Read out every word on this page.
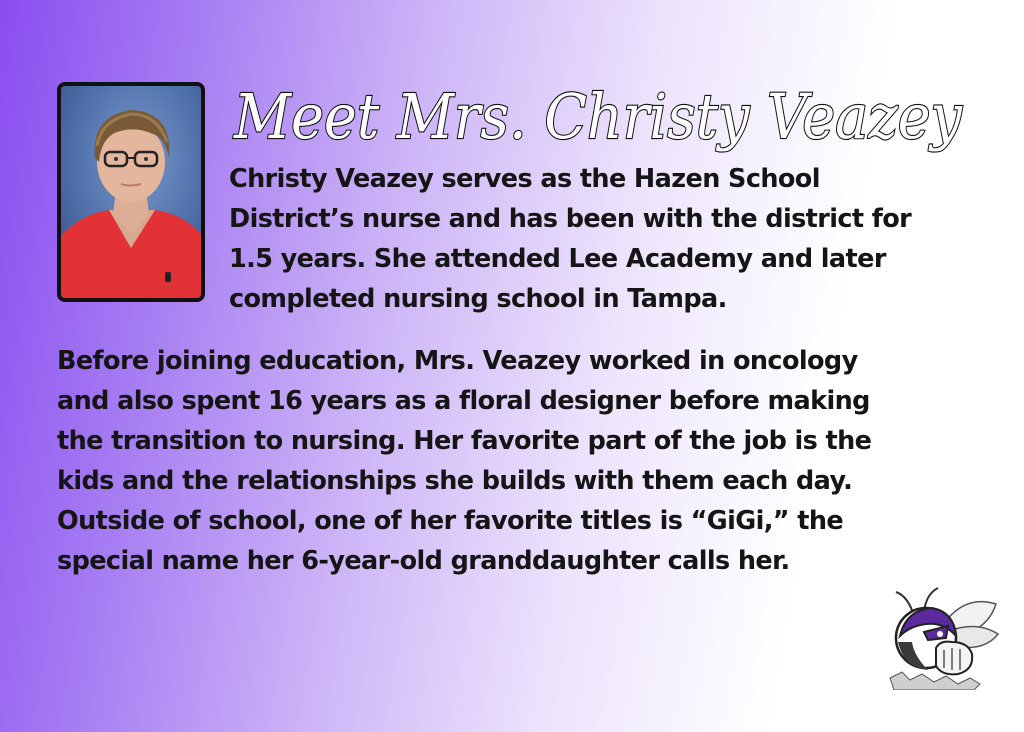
Meet Mrs. Christy Veazey

Christy Veazey serves as the Hazen School
District’s nurse and has been with the district for
1.5 years. She attended Lee Academy and later
completed nursing school in Tampa.

Before joining education, Mrs. Veazey worked in oncology
and also spent 16 years as a floral designer before making
the transition to nursing. Her favorite part of the job is the
kids and the relationships she builds with them each day.
Outside of school, one of her favorite titles is “GiGi,” the
special name her 6-year-old granddaughter calls her.
